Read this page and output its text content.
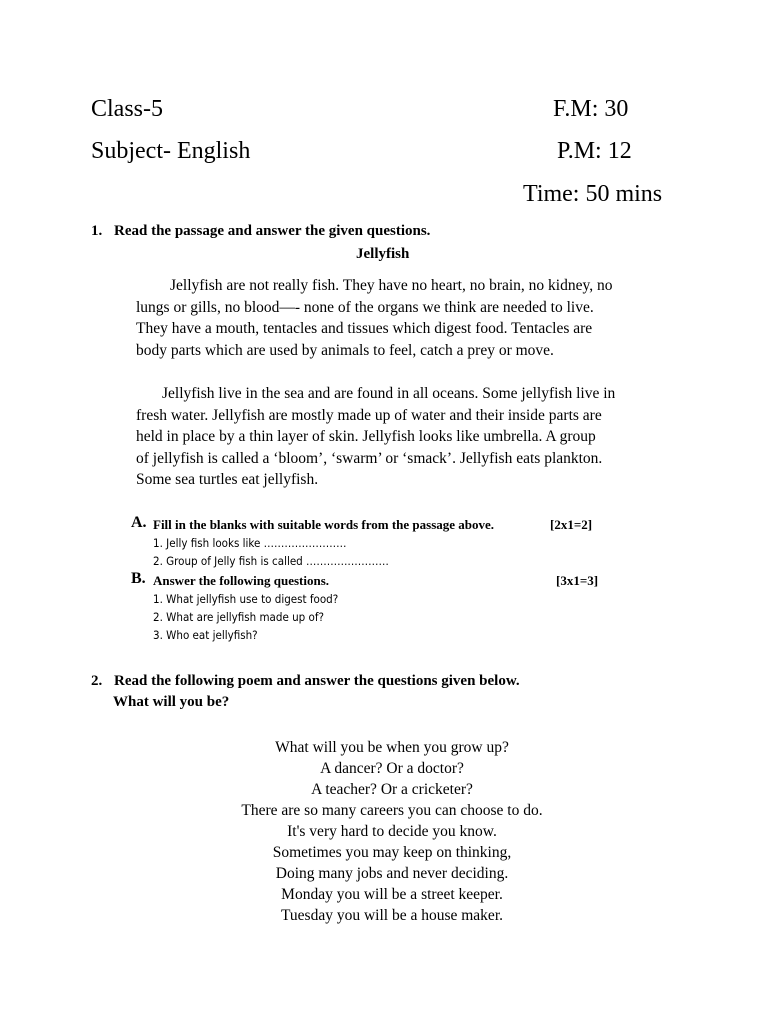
Class-5
Subject- English
F.M: 30
P.M: 12
Time: 50 mins
1. Read the passage and answer the given questions.
Jellyfish
Jellyfish are not really fish. They have no heart, no brain, no kidney, no
lungs or gills, no blood—- none of the organs we think are needed to live.
They have a mouth, tentacles and tissues which digest food. Tentacles are
body parts which are used by animals to feel, catch a prey or move.
Jellyfish live in the sea and are found in all oceans. Some jellyfish live in
fresh water. Jellyfish are mostly made up of water and their inside parts are
held in place by a thin layer of skin. Jellyfish looks like umbrella. A group
of jellyfish is called a ‘bloom’, ‘swarm’ or ‘smack’. Jellyfish eats plankton.
Some sea turtles eat jellyfish.
A. Fill in the blanks with suitable words from the passage above.	[2x1=2]
1. Jelly fish looks like ……………………
2. Group of Jelly fish is called ……………………
B. Answer the following questions.	[3x1=3]
1. What jellyfish use to digest food?
2. What are jellyfish made up of?
3. Who eat jellyfish?
2. Read the following poem and answer the questions given below.
What will you be?
What will you be when you grow up?
A dancer? Or a doctor?
A teacher? Or a cricketer?
There are so many careers you can choose to do.
It's very hard to decide you know.
Sometimes you may keep on thinking,
Doing many jobs and never deciding.
Monday you will be a street keeper.
Tuesday you will be a house maker.
